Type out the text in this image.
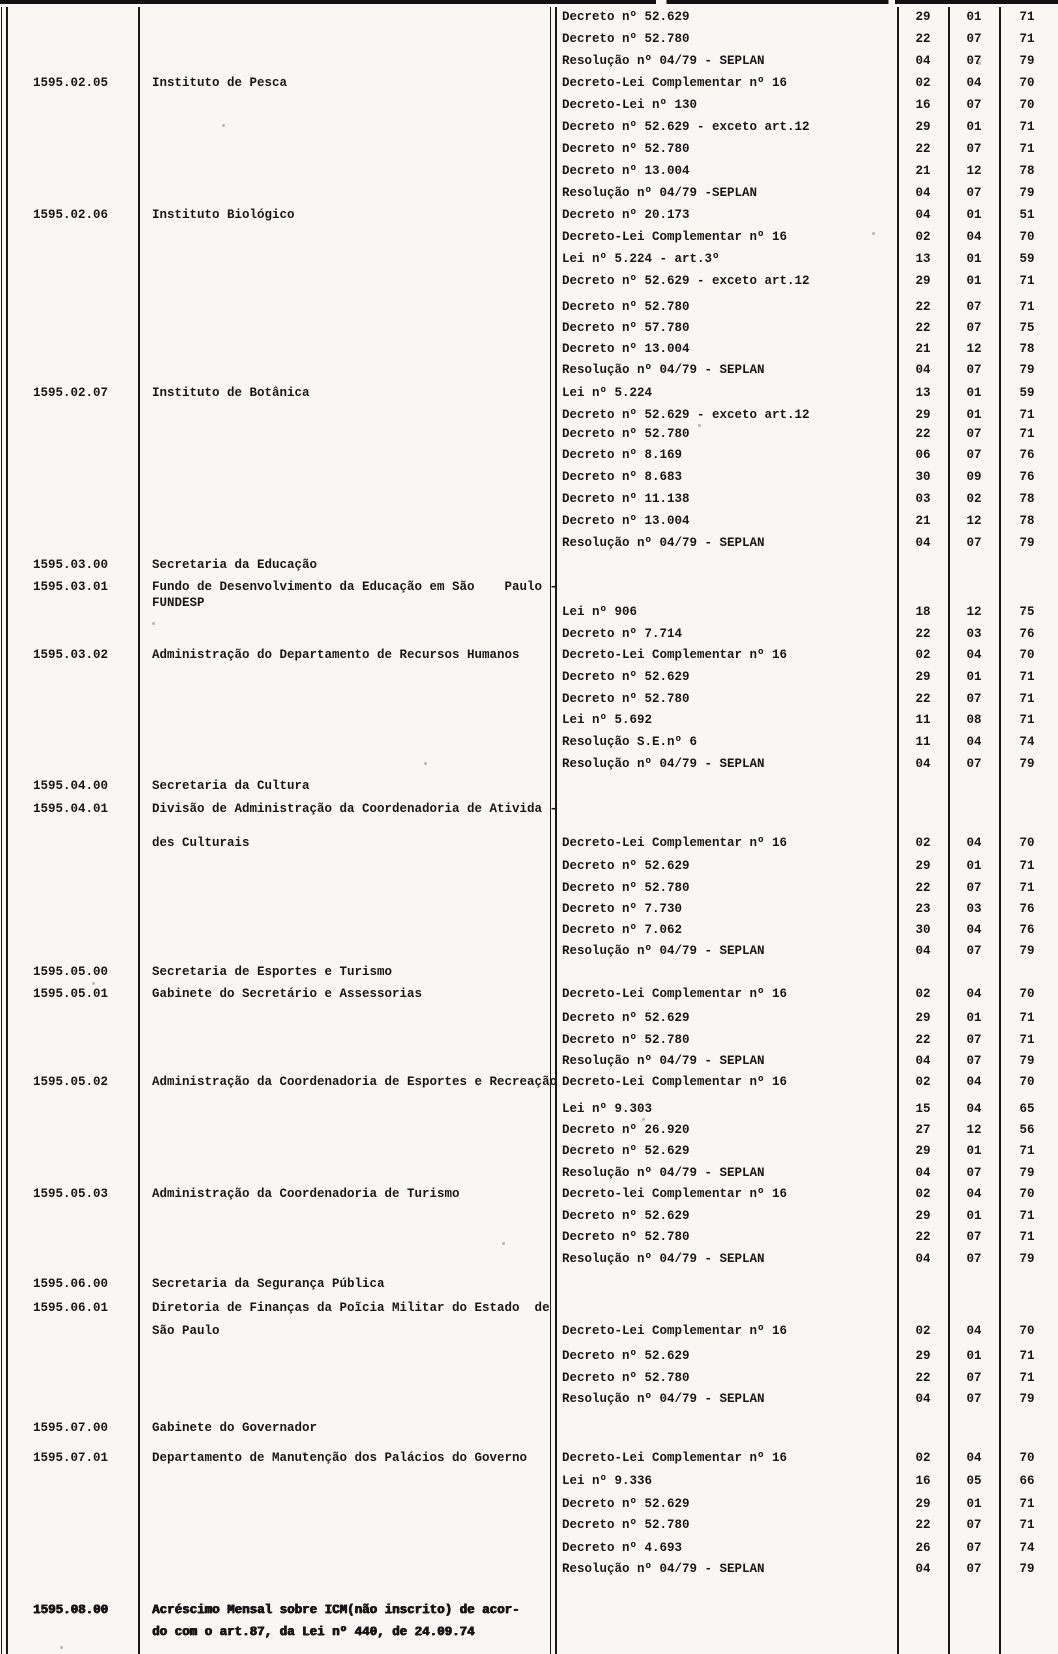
Decreto nº 52.629	29	01	71
Decreto nº 52.780	22	07	71
Resolução nº 04/79 - SEPLAN	04	07	79
1595.02.05	Instituto de Pesca	Decreto-Lei Complementar nº 16	02	04	70
Decreto-Lei nº 130	16	07	70
Decreto nº 52.629 - exceto art.12	29	01	71
Decreto nº 52.780	22	07	71
Decreto nº 13.004	21	12	78
Resolução nº 04/79 -SEPLAN	04	07	79
1595.02.06	Instituto Biológico	Decreto nº 20.173	04	01	51
Decreto-Lei Complementar nº 16	02	04	70
Lei nº 5.224 - art.3º	13	01	59
Decreto nº 52.629 - exceto art.12	29	01	71
Decreto nº 52.780	22	07	71
Decreto nº 57.780	22	07	75
Decreto nº 13.004	21	12	78
Resolução nº 04/79 - SEPLAN	04	07	79
1595.02.07	Instituto de Botânica	Lei nº 5.224	13	01	59
Decreto nº 52.629 - exceto art.12	29	01	71
Decreto nº 52.780	22	07	71
Decreto nº 8.169	06	07	76
Decreto nº 8.683	30	09	76
Decreto nº 11.138	03	02	78
Decreto nº 13.004	21	12	78
Resolução nº 04/79 - SEPLAN	04	07	79
1595.03.00	Secretaria da Educação
1595.03.01	Fundo de Desenvolvimento da Educação em São    Paulo -
FUNDESP
Lei nº 906	18	12	75
Decreto nº 7.714	22	03	76
1595.03.02	Administração do Departamento de Recursos Humanos	Decreto-Lei Complementar nº 16	02	04	70
Decreto nº 52.629	29	01	71
Decreto nº 52.780	22	07	71
Lei nº 5.692	11	08	71
Resolução S.E.nº 6	11	04	74
Resolução nº 04/79 - SEPLAN	04	07	79
1595.04.00	Secretaria da Cultura
1595.04.01	Divisão de Administração da Coordenadoria de Ativida -
des Culturais	Decreto-Lei Complementar nº 16	02	04	70
Decreto nº 52.629	29	01	71
Decreto nº 52.780	22	07	71
Decreto nº 7.730	23	03	76
Decreto nº 7.062	30	04	76
Resolução nº 04/79 - SEPLAN	04	07	79
1595.05.00	Secretaria de Esportes e Turismo
1595.05.01	Gabinete do Secretário e Assessorias	Decreto-Lei Complementar nº 16	02	04	70
Decreto nº 52.629	29	01	71
Decreto nº 52.780	22	07	71
Resolução nº 04/79 - SEPLAN	04	07	79
1595.05.02	Administração da Coordenadoria de Esportes e Recreação Decreto-Lei Complementar nº 16	02	04	70
Lei nº 9.303	15	04	65
Decreto nº 26.920	27	12	56
Decreto nº 52.629	29	01	71
Resolução nº 04/79 - SEPLAN	04	07	79
1595.05.03	Administração da Coordenadoria de Turismo	Decreto-lei Complementar nº 16	02	04	70
Decreto nº 52.629	29	01	71
Decreto nº 52.780	22	07	71
Resolução nº 04/79 - SEPLAN	04	07	79
1595.06.00	Secretaria da Segurança Pública
1595.06.01	Diretoria de Finanças da Poĩcia Militar do Estado  de
São Paulo	Decreto-Lei Complementar nº 16	02	04	70
Decreto nº 52.629	29	01	71
Decreto nº 52.780	22	07	71
Resolução nº 04/79 - SEPLAN	04	07	79
1595.07.00	Gabinete do Governador
1595.07.01	Departamento de Manutenção dos Palácios do Governo	Decreto-Lei Complementar nº 16	02	04	70
Lei nº 9.336	16	05	66
Decreto nº 52.629	29	01	71
Decreto nº 52.780	22	07	71
Decreto nº 4.693	26	07	74
Resolução nº 04/79 - SEPLAN	04	07	79
1595.08.00	Acréscimo Mensal sobre ICM(não inscrito) de acor-
do com o art.87, da Lei nº 440, de 24.09.74
